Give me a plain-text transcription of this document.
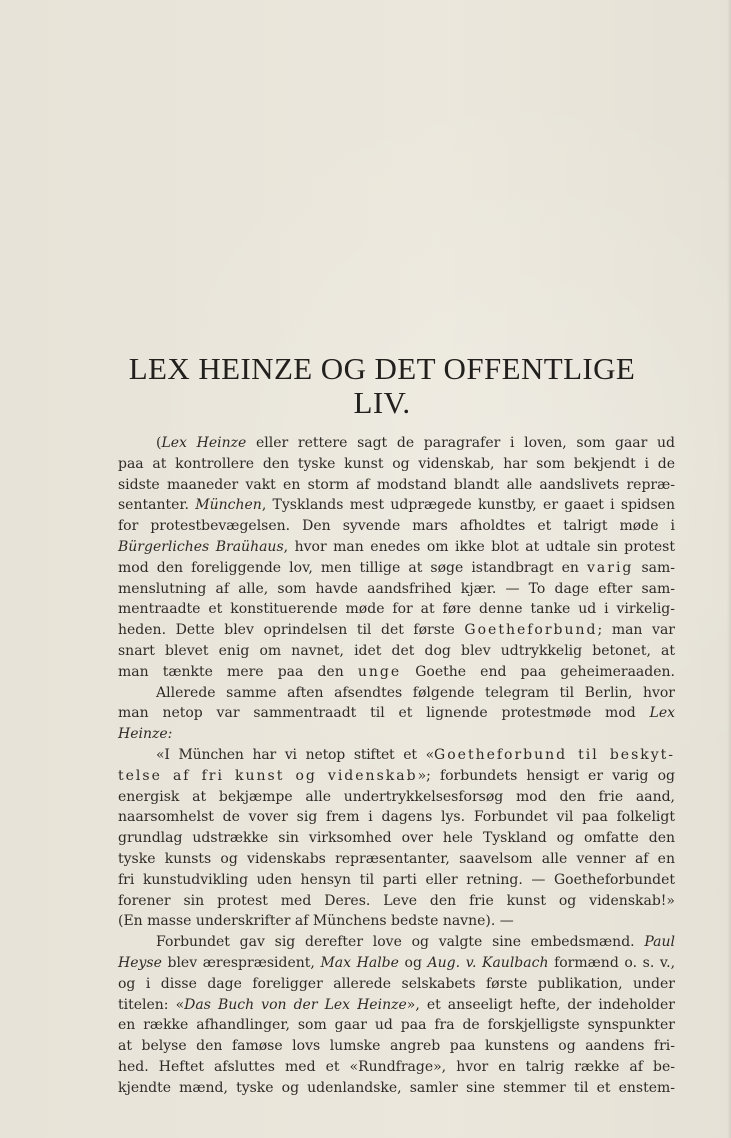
LEX HEINZE OG DET OFFENTLIGE
LIV.
(Lex Heinze eller rettere sagt de paragrafer i loven, som gaar ud
paa at kontrollere den tyske kunst og videnskab, har som bekjendt i de
sidste maaneder vakt en storm af modstand blandt alle aandslivets repræ-
sentanter. München, Tysklands mest udprægede kunstby, er gaaet i spidsen
for protestbevægelsen. Den syvende mars afholdtes et talrigt møde i
Bürgerliches Braühaus, hvor man enedes om ikke blot at udtale sin protest
mod den foreliggende lov, men tillige at søge istandbragt en varig sam-
menslutning af alle, som havde aandsfrihed kjær. — To dage efter sam-
mentraadte et konstituerende møde for at føre denne tanke ud i virkelig-
heden. Dette blev oprindelsen til det første Goetheforbund; man var
snart blevet enig om navnet, idet det dog blev udtrykkelig betonet, at
man tænkte mere paa den unge Goethe end paa geheimeraaden.
Allerede samme aften afsendtes følgende telegram til Berlin, hvor
man netop var sammentraadt til et lignende protestmøde mod Lex
Heinze:
«I München har vi netop stiftet et «Goetheforbund til beskyt-
telse af fri kunst og videnskab»; forbundets hensigt er varig og
energisk at bekjæmpe alle undertrykkelsesforsøg mod den frie aand,
naarsomhelst de vover sig frem i dagens lys. Forbundet vil paa folkeligt
grundlag udstrække sin virksomhed over hele Tyskland og omfatte den
tyske kunsts og videnskabs repræsentanter, saavelsom alle venner af en
fri kunstudvikling uden hensyn til parti eller retning. — Goetheforbundet
forener sin protest med Deres. Leve den frie kunst og videnskab!»
(En masse underskrifter af Münchens bedste navne). —
Forbundet gav sig derefter love og valgte sine embedsmænd. Paul
Heyse blev ærespræsident, Max Halbe og Aug. v. Kaulbach formænd o. s. v.,
og i disse dage foreligger allerede selskabets første publikation, under
titelen: «Das Buch von der Lex Heinze», et anseeligt hefte, der indeholder
en række afhandlinger, som gaar ud paa fra de forskjelligste synspunkter
at belyse den famøse lovs lumske angreb paa kunstens og aandens fri-
hed. Heftet afsluttes med et «Rundfrage», hvor en talrig række af be-
kjendte mænd, tyske og udenlandske, samler sine stemmer til et enstem-
